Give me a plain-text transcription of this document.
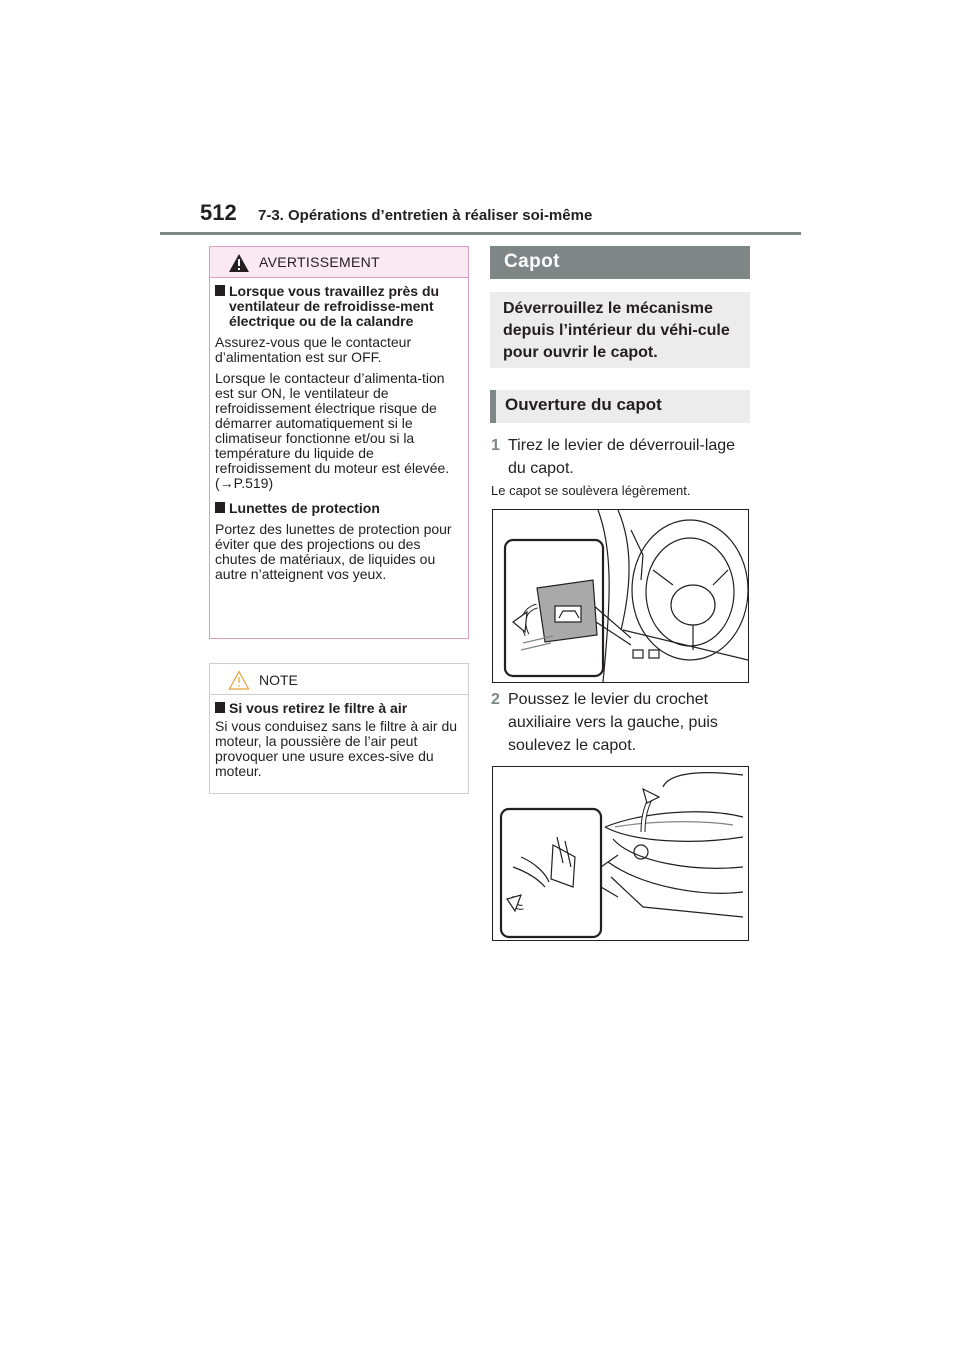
512 7-3. Opérations d’entretien à réaliser soi-même
AVERTISSEMENT
Lorsque vous travaillez près du ventilateur de refroidisse-ment électrique ou de la calandre
Assurez-vous que le contacteur d’alimentation est sur OFF.
Lorsque le contacteur d’alimenta-tion est sur ON, le ventilateur de refroidissement électrique risque de démarrer automatiquement si le climatiseur fonctionne et/ou si la température du liquide de refroidissement du moteur est élevée. (→P.519)
Lunettes de protection
Portez des lunettes de protection pour éviter que des projections ou des chutes de matériaux, de liquides ou autre n’atteignent vos yeux.
NOTE
Si vous retirez le filtre à air
Si vous conduisez sans le filtre à air du moteur, la poussière de l’air peut provoquer une usure exces-sive du moteur.
Capot
Déverrouillez le mécanisme depuis l’intérieur du véhi-cule pour ouvrir le capot.
Ouverture du capot
1 Tirez le levier de déverrouil-lage du capot.
Le capot se soulèvera légèrement.
2 Poussez le levier du crochet auxiliaire vers la gauche, puis soulevez le capot.
